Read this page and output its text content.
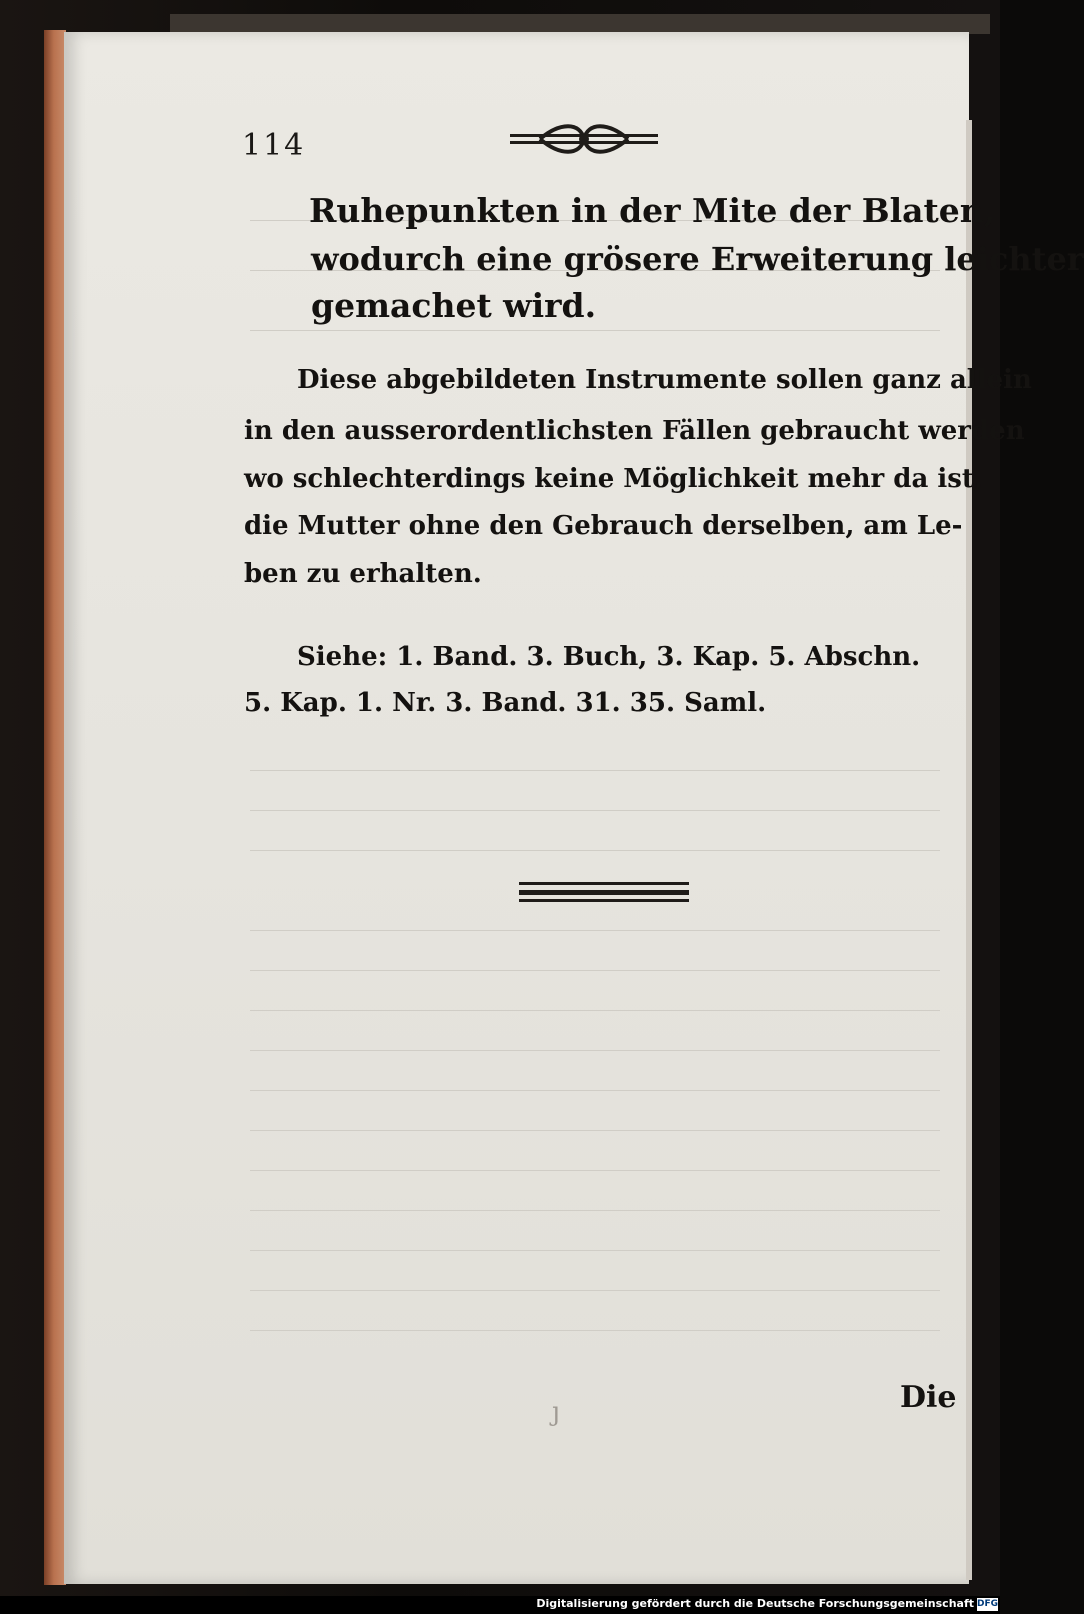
114
Ruhepunkten in der Mite der Blaten,
wodurch eine grösere Erweiterung leichter
gemachet wird.
Diese abgebildeten Instrumente sollen ganz allein
in den ausserordentlichsten Fällen gebraucht werden
wo schlechterdings keine Möglichkeit mehr da ist,
die Mutter ohne den Gebrauch derselben, am Le-
ben zu erhalten.
Siehe: 1. Band. 3. Buch, 3. Kap. 5. Abschn.
5. Kap. 1. Nr. 3. Band. 31. 35. Saml.
ȷ	Die
Digitalisierung gefördert durch die Deutsche Forschungsgemeinschaft DFG
